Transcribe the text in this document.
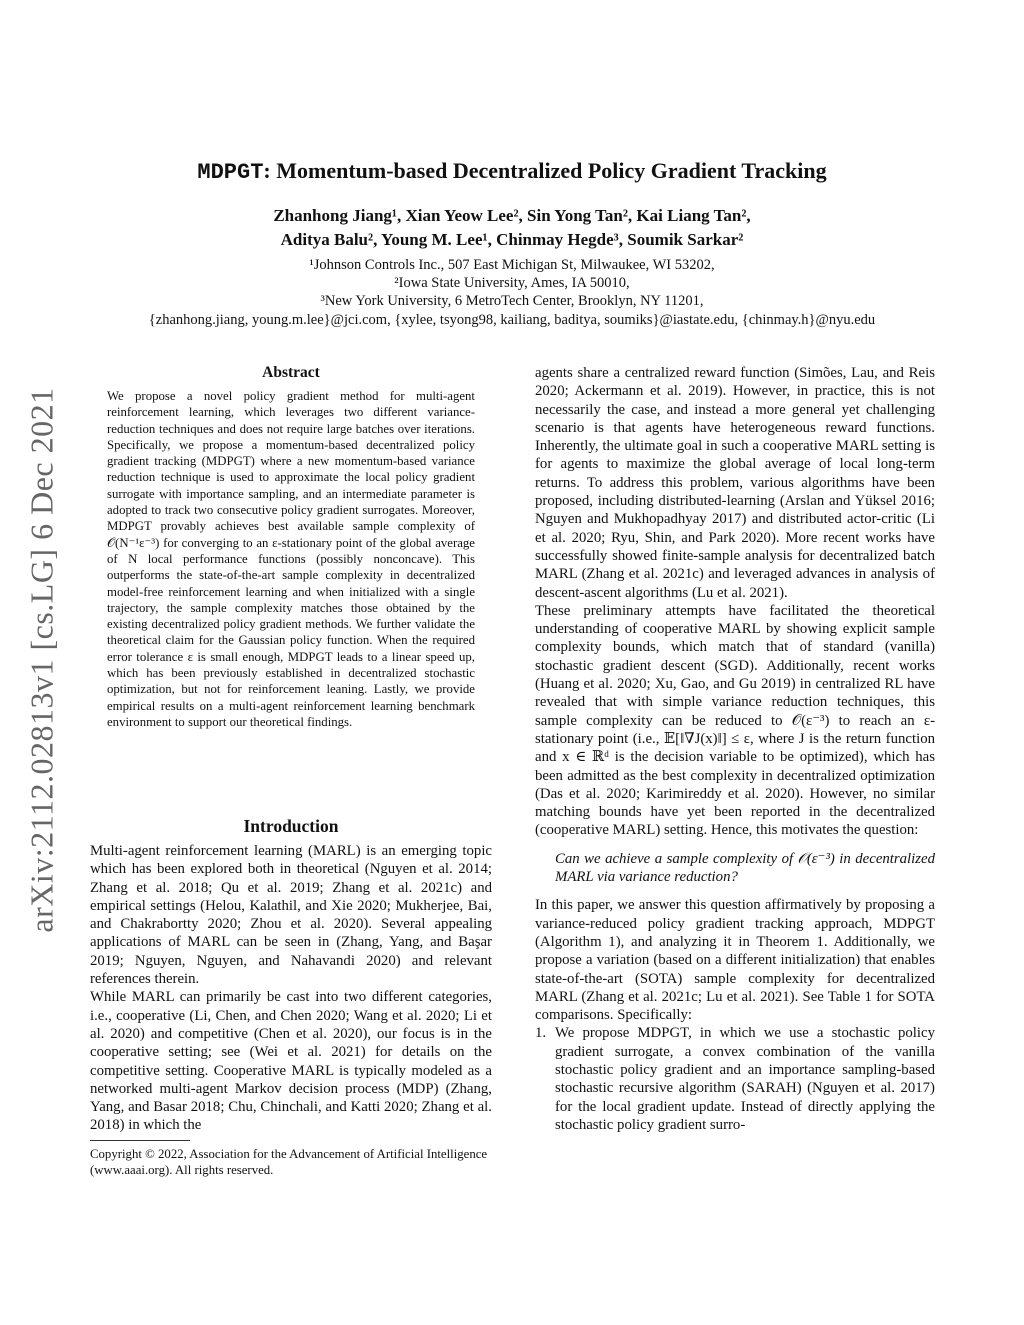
arXiv:2112.02813v1 [cs.LG] 6 Dec 2021
MDPGT: Momentum-based Decentralized Policy Gradient Tracking
Zhanhong Jiang¹, Xian Yeow Lee², Sin Yong Tan², Kai Liang Tan²,
Aditya Balu², Young M. Lee¹, Chinmay Hegde³, Soumik Sarkar²
¹Johnson Controls Inc., 507 East Michigan St, Milwaukee, WI 53202,
²Iowa State University, Ames, IA 50010,
³New York University, 6 MetroTech Center, Brooklyn, NY 11201,
{zhanhong.jiang, young.m.lee}@jci.com, {xylee, tsyong98, kailiang, baditya, soumiks}@iastate.edu, {chinmay.h}@nyu.edu
Abstract
We propose a novel policy gradient method for multi-agent reinforcement learning, which leverages two different variance-reduction techniques and does not require large batches over iterations. Specifically, we propose a momentum-based decentralized policy gradient tracking (MDPGT) where a new momentum-based variance reduction technique is used to approximate the local policy gradient surrogate with importance sampling, and an intermediate parameter is adopted to track two consecutive policy gradient surrogates. Moreover, MDPGT provably achieves best available sample complexity of 𝒪(N⁻¹ε⁻³) for converging to an ε-stationary point of the global average of N local performance functions (possibly nonconcave). This outperforms the state-of-the-art sample complexity in decentralized model-free reinforcement learning and when initialized with a single trajectory, the sample complexity matches those obtained by the existing decentralized policy gradient methods. We further validate the theoretical claim for the Gaussian policy function. When the required error tolerance ε is small enough, MDPGT leads to a linear speed up, which has been previously established in decentralized stochastic optimization, but not for reinforcement leaning. Lastly, we provide empirical results on a multi-agent reinforcement learning benchmark environment to support our theoretical findings.
Introduction

Multi-agent reinforcement learning (MARL) is an emerging topic which has been explored both in theoretical (Nguyen et al. 2014; Zhang et al. 2018; Qu et al. 2019; Zhang et al. 2021c) and empirical settings (Helou, Kalathil, and Xie 2020; Mukherjee, Bai, and Chakrabortty 2020; Zhou et al. 2020). Several appealing applications of MARL can be seen in (Zhang, Yang, and Başar 2019; Nguyen, Nguyen, and Nahavandi 2020) and relevant references therein.

While MARL can primarily be cast into two different categories, i.e., cooperative (Li, Chen, and Chen 2020; Wang et al. 2020; Li et al. 2020) and competitive (Chen et al. 2020), our focus is in the cooperative setting; see (Wei et al. 2021) for details on the competitive setting. Cooperative MARL is typically modeled as a networked multi-agent Markov decision process (MDP) (Zhang, Yang, and Basar 2018; Chu, Chinchali, and Katti 2020; Zhang et al. 2018) in which the

Copyright © 2022, Association for the Advancement of Artificial Intelligence (www.aaai.org). All rights reserved.

agents share a centralized reward function (Simões, Lau, and Reis 2020; Ackermann et al. 2019). However, in practice, this is not necessarily the case, and instead a more general yet challenging scenario is that agents have heterogeneous reward functions. Inherently, the ultimate goal in such a cooperative MARL setting is for agents to maximize the global average of local long-term returns. To address this problem, various algorithms have been proposed, including distributed-learning (Arslan and Yüksel 2016; Nguyen and Mukhopadhyay 2017) and distributed actor-critic (Li et al. 2020; Ryu, Shin, and Park 2020). More recent works have successfully showed finite-sample analysis for decentralized batch MARL (Zhang et al. 2021c) and leveraged advances in analysis of descent-ascent algorithms (Lu et al. 2021).

These preliminary attempts have facilitated the theoretical understanding of cooperative MARL by showing explicit sample complexity bounds, which match that of standard (vanilla) stochastic gradient descent (SGD). Additionally, recent works (Huang et al. 2020; Xu, Gao, and Gu 2019) in centralized RL have revealed that with simple variance reduction techniques, this sample complexity can be reduced to 𝒪(ε⁻³) to reach an ε-stationary point (i.e., 𝔼[‖∇J(x)‖] ≤ ε, where J is the return function and x ∈ ℝᵈ is the decision variable to be optimized), which has been admitted as the best complexity in decentralized optimization (Das et al. 2020; Karimireddy et al. 2020). However, no similar matching bounds have yet been reported in the decentralized (cooperative MARL) setting. Hence, this motivates the question:

Can we achieve a sample complexity of 𝒪(ε⁻³) in decentralized MARL via variance reduction?

In this paper, we answer this question affirmatively by proposing a variance-reduced policy gradient tracking approach, MDPGT (Algorithm 1), and analyzing it in Theorem 1. Additionally, we propose a variation (based on a different initialization) that enables state-of-the-art (SOTA) sample complexity for decentralized MARL (Zhang et al. 2021c; Lu et al. 2021). See Table 1 for SOTA comparisons. Specifically:

1. We propose MDPGT, in which we use a stochastic policy gradient surrogate, a convex combination of the vanilla stochastic policy gradient and an importance sampling-based stochastic recursive algorithm (SARAH) (Nguyen et al. 2017) for the local gradient update. Instead of directly applying the stochastic policy gradient surro-
